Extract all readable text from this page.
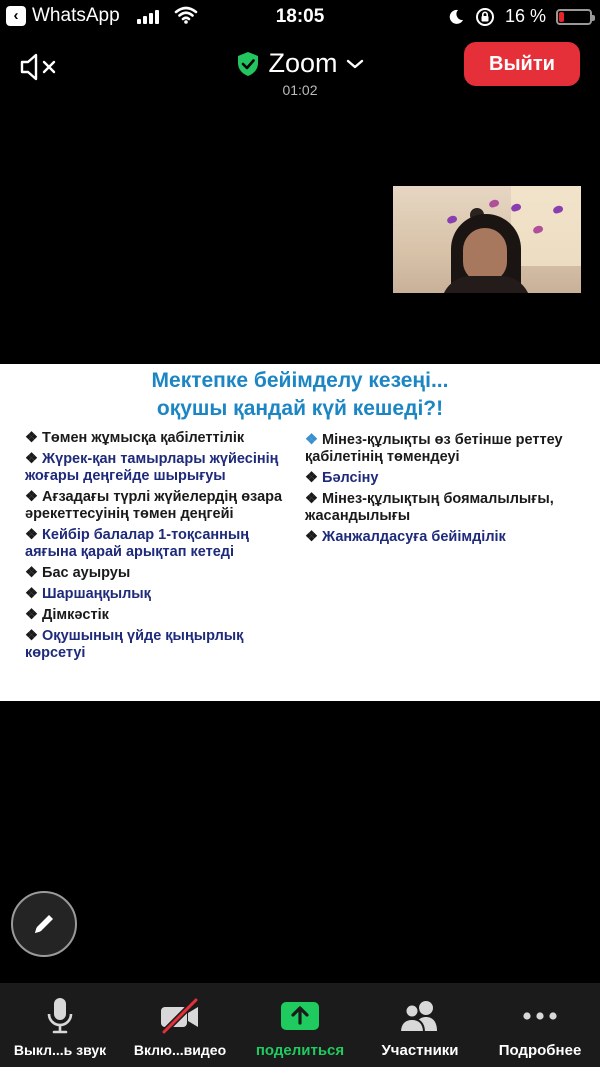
‹ WhatsApp	18:05	16 %
Zoom
01:02
Выйти
Мектепке бейімделу кезеңі...
оқушы қандай күй кешеді?!
❖ Төмен жұмысқа қабілеттілік
❖ Жүрек-қан тамырлары жүйесінің жоғары деңгейде шырығуы
❖ Ағзадағы түрлі жүйелердің өзара әрекеттесуінің төмен деңгейі
❖ Кейбір балалар 1-тоқсанның аяғына қарай арықтап кетеді
❖ Бас ауыруы
❖ Шаршаңқылық
❖ Дімкәстік
❖ Оқушының үйде қыңырлық көрсетуі
❖ Мінез-құлықты өз бетінше реттеу қабілетінің төмендеуі
❖ Бәлсіну
❖ Мінез-құлықтың боямалылығы, жасандылығы
❖ Жанжалдасуға бейімділік
Выкл...ь звук Вклю...видео поделиться Участники	Подробнее
